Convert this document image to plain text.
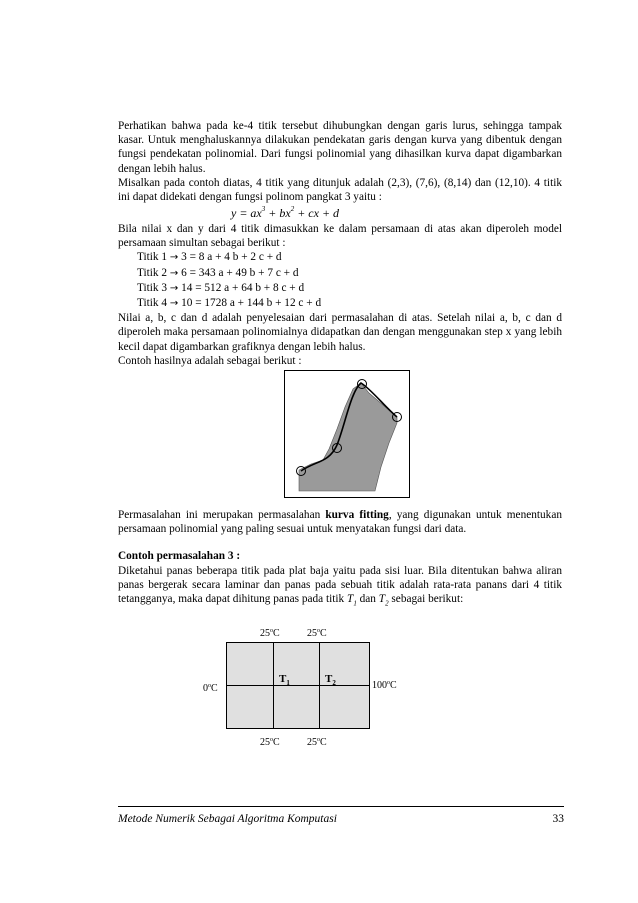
Perhatikan bahwa pada ke-4 titik tersebut dihubungkan dengan garis lurus, sehingga tampak kasar. Untuk menghaluskannya dilakukan pendekatan garis dengan kurva yang dibentuk dengan fungsi pendekatan polinomial. Dari fungsi polinomial yang dihasilkan kurva dapat digambarkan dengan lebih halus.

Misalkan pada contoh diatas, 4 titik yang ditunjuk adalah (2,3), (7,6), (8,14) dan (12,10). 4 titik ini dapat didekati dengan fungsi polinom pangkat 3 yaitu :

$y = ax^3 + bx^2$ + cx + d

Bila nilai x dan y dari 4 titik dimasukkan ke dalam persamaan di atas akan diperoleh model persamaan simultan sebagai berikut :

Titik 1 → 3 = 8 a + 4 b + 2 c + d
Titik 2 → 6 = 343 a + 49 b + 7 c + d
Titik 3 → 14 = 512 a + 64 b + 8 c + d
Titik 4 → 10 = 1728 a + 144 b + 12 c + d

Nilai a, b, c dan d adalah penyelesaian dari permasalahan di atas. Setelah nilai a, b, c dan d diperoleh maka persamaan polinomialnya didapatkan dan dengan menggunakan step x yang lebih kecil dapat digambarkan grafiknya dengan lebih halus.

Contoh hasilnya adalah sebagai berikut :

Permasalahan ini merupakan permasalahan kurva fitting, yang digunakan untuk menentukan persamaan polinomial yang paling sesuai untuk menyatakan fungsi dari data.

Contoh permasalahan 3 :

Diketahui panas beberapa titik pada plat baja yaitu pada sisi luar. Bila ditentukan bahwa aliran panas bergerak secara laminar dan panas pada sebuah titik adalah rata-rata panans dari 4 titik tetangganya, maka dapat dihitung panas pada titik $T_1$ dan $T_2$ sebagai berikut:

25$^o$C	25$^o$C
0$^o$C	100$^o$C
25$^o$C	25$^o$C
$T_1$	$T_2$
Metode Numerik Sebagai Algoritma Komputasi	33
